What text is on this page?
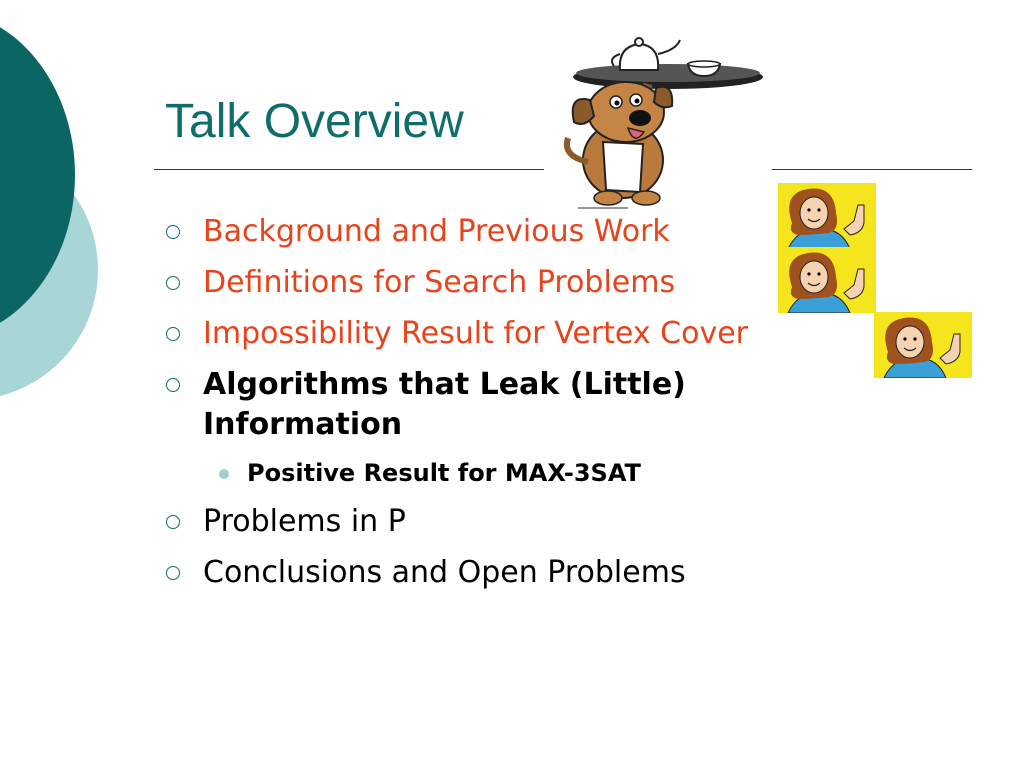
Talk Overview
Background and Previous Work
Definitions for Search Problems
Impossibility Result for Vertex Cover
Algorithms that Leak (Little) Information
Positive Result for MAX-3SAT
Problems in P
Conclusions and Open Problems
